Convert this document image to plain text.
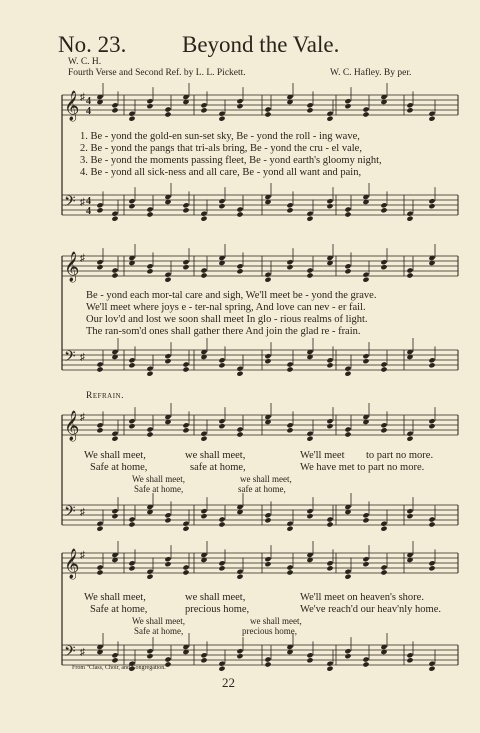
No. 23. Beyond the Vale.
W. C. H.
Fourth Verse and Second Ref. by L. L. Pickett.	W. C. Hafley. By per.
𝄞 ♯
𝄢 ♯
4
4
4
4
𝄞 ♯
𝄢 ♯
𝄞 ♯
𝄢 ♯
𝄞 ♯
𝄢 ♯
1. Be - yond the gold-en sun-set sky, Be - yond the roll - ing wave,
2. Be - yond the pangs that tri-als bring, Be - yond the cru - el vale,
3. Be - yond the moments passing fleet, Be - yond earth's gloomy night,
4. Be - yond all sick-ness and all care, Be - yond all want and pain,
Be - yond each mor-tal care and sigh, We'll meet be - yond the grave.
We'll meet where joys e - ter-nal spring, And love can nev - er fail.
Our lov'd and lost we soon shall meet In glo - rious realms of light.
The ran-som'd ones shall gather there And join the glad re - frain.
Refrain.
We shall meet,	we shall meet,	We'll meet to part no more.
Safe at home,	safe at home,	We have met to part no more.
We shall meet,	we shall meet,
Safe at home,	safe at home,
We shall meet,	we shall meet,	We'll meet on heaven's shore.
Safe at home,	precious home,	We've reach'd our heav'nly home.
We shall meet,	we shall meet,
Safe at home,	precious home,
From "Class, Choir, and Congregation."
22
